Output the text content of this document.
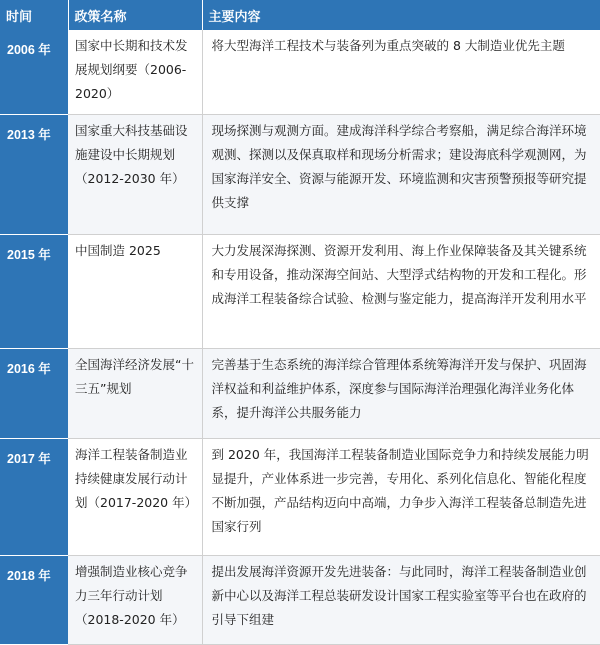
时间	政策名称	主要内容
2006 年	国家中长期和技术发展规划纲要（2006-2020）	将大型海洋工程技术与装备列为重点突破的 8 大制造业优先主题
2013 年	国家重大科技基础设施建设中长期规划（2012-2030 年）	现场探测与观测方面。建成海洋科学综合考察船，满足综合海洋环境观测、探测以及保真取样和现场分析需求；建设海底科学观测网，为国家海洋安全、资源与能源开发、环境监测和灾害预警预报等研究提供支撑
2015 年	中国制造 2025	大力发展深海探测、资源开发利用、海上作业保障装备及其关键系统和专用设备，推动深海空间站、大型浮式结构物的开发和工程化。形成海洋工程装备综合试验、检测与鉴定能力，提高海洋开发利用水平
2016 年	全国海洋经济发展“十三五”规划	完善基于生态系统的海洋综合管理体系统筹海洋开发与保护、巩固海洋权益和利益维护体系，深度参与国际海洋治理强化海洋业务化体系，提升海洋公共服务能力
2017 年	海洋工程装备制造业持续健康发展行动计划（2017-2020 年）	到 2020 年，我国海洋工程装备制造业国际竞争力和持续发展能力明显提升，产业体系进一步完善，专用化、系列化信息化、智能化程度不断加强，产品结构迈向中高端，力争步入海洋工程装备总制造先进国家行列
2018 年	增强制造业核心竞争力三年行动计划（2018-2020 年）	提出发展海洋资源开发先进装备：与此同时，海洋工程装备制造业创新中心以及海洋工程总装研发设计国家工程实验室等平台也在政府的引导下组建
